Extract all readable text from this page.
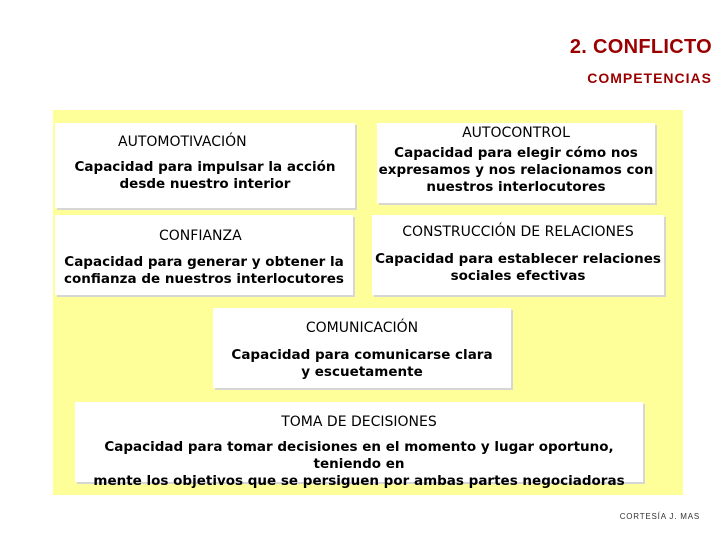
2. CONFLICTO
COMPETENCIAS
AUTOMOTIVACIÓN
Capacidad para impulsar la acción
desde nuestro interior
AUTOCONTROL
Capacidad para elegir cómo nos
expresamos y nos relacionamos con
nuestros interlocutores
CONFIANZA
Capacidad para generar y obtener la
confianza de nuestros interlocutores
CONSTRUCCIÓN DE RELACIONES
Capacidad para establecer relaciones
sociales efectivas
COMUNICACIÓN
Capacidad para comunicarse clara
y escuetamente
TOMA DE DECISIONES
Capacidad para tomar decisiones en el momento y lugar oportuno, teniendo en
mente los objetivos que se persiguen por ambas partes negociadoras
CORTESÍA J. MAS
